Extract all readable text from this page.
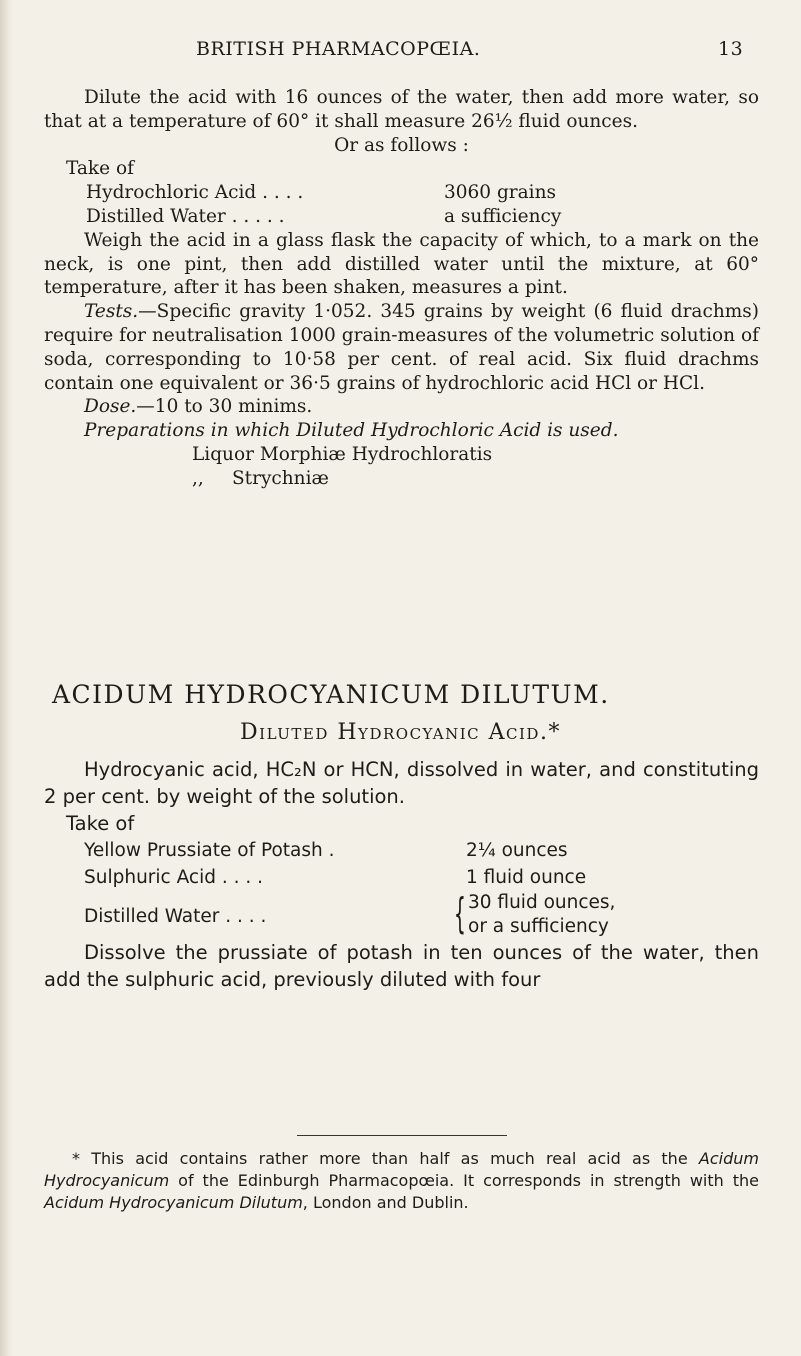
BRITISH PHARMACOPŒIA.	13
Dilute the acid with 16 ounces of the water, then add more water, so that at a temperature of 60° it shall measure 26½ fluid ounces.
Or as follows :
Take of
Hydrochloric Acid . . . .	3060 grains
Distilled Water . . . . .	a sufficiency
Weigh the acid in a glass flask the capacity of which, to a mark on the neck, is one pint, then add distilled water until the mixture, at 60° temperature, after it has been shaken, measures a pint.
Tests.—Specific gravity 1·052. 345 grains by weight (6 fluid drachms) require for neutralisation 1000 grain-measures of the volumetric solution of soda, corresponding to 10·58 per cent. of real acid. Six fluid drachms contain one equivalent or 36·5 grains of hydrochloric acid HCl or HCl.
Dose.—10 to 30 minims.
Preparations in which Diluted Hydrochloric Acid is used.
Liquor Morphiæ Hydrochloratis
,, Strychniæ
ACIDUM HYDROCYANICUM DILUTUM.
Diluted Hydrocyanic Acid.*
Hydrocyanic acid, HC₂N or HCN, dissolved in water, and constituting 2 per cent. by weight of the solution.
Take of
Yellow Prussiate of Potash .	2¼ ounces
Sulphuric Acid . . . .	1 fluid ounce
Distilled Water . . . .	{ 30 fluid ounces,
or a sufficiency
Dissolve the prussiate of potash in ten ounces of the water, then add the sulphuric acid, previously diluted with four
* This acid contains rather more than half as much real acid as the Acidum Hydrocyanicum of the Edinburgh Pharmacopœia. It corresponds in strength with the Acidum Hydrocyanicum Dilutum, London and Dublin.
